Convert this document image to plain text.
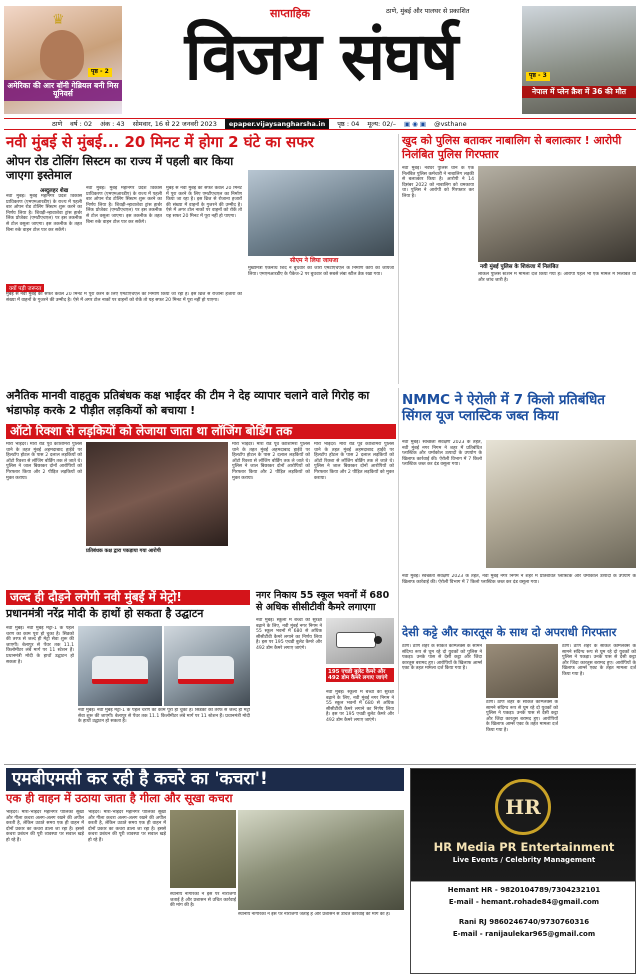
♛
अमेरिका की आर बॉनी गेब्रियल बनी मिस यूनिवर्स
पृष्ठ - 2
साप्ताहिक	ठाणे, मुंबई और पालघर से प्रकाशित
विजय संघर्ष	पृष्ठ - 3
नेपाल में प्लेन क्रैश में 36 की मौत
ठाणे वर्ष : 02 अंक : 43 सोमवार, 16 से 22 जनवरी 2023	epaper.vijaysangharsha.in	पृष्ठ : 04 मूल्य: 02/– ▣ ◉ ▣ @vsthane
नवी मुंबई से मुंबई... 20 मिनट में होगा 2 घंटे का सफर
ओपन रोड टोलिंग सिस्टम का राज्य में पहली बार किया जाएगा इस्तेमाल
अब्दुलहर शेख
नवी मुंबई। मुंबई महानगर प्रदेश विकास प्राधिकरण (एमएमआरडीए) के राज्य में पहली बार ओपन रोड टोलिंग सिस्टम शुरू करने का निर्णय लिया है। शिवड़ी-न्हावाशेवा ट्रांस हार्बर लिंक प्रोजेक्ट (एमटीएचएल) पर इस तकनीक से टोल वसूला जाएगा। इस तकनीक के तहत बिना रुके वाहन टोल पार कर सकेंगे।
नवी मुंबई। मुंबई महानगर प्रदेश विकास प्राधिकरण (एमएमआरडीए) के राज्य में पहली बार ओपन रोड टोलिंग सिस्टम शुरू करने का निर्णय लिया है। शिवड़ी-न्हावाशेवा ट्रांस हार्बर लिंक प्रोजेक्ट (एमटीएचएल) पर इस तकनीक से टोल वसूला जाएगा। इस तकनीक के तहत बिना रुके वाहन टोल पार कर सकेंगे।
मुंबई से नवी मुंबई का सफर केवल 20 मिनट में पूरा करने के लिए एमटीएचएल का निर्माण किया जा रहा है। इस ब्रिज से रोजाना हजारों की संख्या में वाहनों के गुजरने की उम्मीद है। ऐसे में अगर टोल नाकों पर वाहनों को रोकें तो यह सफर 20 मिनट में पूरा नहीं हो पाएगा।
क्यों पड़ी जरूरत
मुंबई से नवी मुंबई का सफर केवल 20 मिनट में पूरा करने के लिए एमटीएचएल का निर्माण किया जा रहा है। इस ब्रिज से रोजाना हजारों की संख्या में वाहनों के गुजरने की उम्मीद है। ऐसे में अगर टोल नाकों पर वाहनों को रोकें तो यह सफर 20 मिनट में पूरा नहीं हो पाएगा।
सीएम ने लिया जायजा
मुख्यमंत्री एकनाथ शिंदे ने बुधवार को जारी एमटीएचएल के निर्माण कार्य का जायजा लिया। एमएमआरडीए के पैकेज-2 पर बुधवार को सबसे लंबा स्टील डेक रखा गया।
खुद को पुलिस बताकर नाबालिग से बलात्कार ! आरोपी निलंबित पुलिस गिरफ्तार
नवी मुंबई। नवघर पुलिस थाने के एक निलंबित पुलिस कर्मचारी ने नाबालिग लड़की से बलात्कार किया है। आरोपी ने 14 दिसंबर 2022 को नाबालिग को धमकाया था। पुलिस ने आरोपी को गिरफ्तार कर लिया है।
नवी मुंबई पुलिस के शिकंजा में निलंबित
लोकल पुलिस स्टेशन में मामला दर्ज किया गया है। आरोपी पहले भी एक मामले में निलंबित था और जांच जारी है।
अनैतिक मानवी वाहतुक प्रतिबंधक कक्ष भाईंदर की टीम ने देह व्यापार चलाने वाले गिरोह का भंडाफोड़ करके 2 पीड़ीत लड़कियों को बचाया !
ऑटो रिक्शा से लड़कियों को लेजाया जाता था लॉजिंग बोर्डिंग तक
मीरा भाईंदर। मीरा रोड पूर्व काशिमिरा पुलिस थाने के तहत मुंबई अहमदाबाद हाईवे पर हिलटॉप होटल के पास 2 दलाल लड़कियों को ऑटो रिक्शा से लॉजिंग बोर्डिंग तक ले जाते थे। पुलिस ने जाल बिछाकर दोनों आरोपियों को गिरफ्तार किया और 2 पीड़ित लड़कियों को मुक्त कराया।
प्रतिबंधक कक्ष द्वारा पकड़ाया गया आरोपी
मीरा भाईंदर। मीरा रोड पूर्व काशिमिरा पुलिस थाने के तहत मुंबई अहमदाबाद हाईवे पर हिलटॉप होटल के पास 2 दलाल लड़कियों को ऑटो रिक्शा से लॉजिंग बोर्डिंग तक ले जाते थे। पुलिस ने जाल बिछाकर दोनों आरोपियों को गिरफ्तार किया और 2 पीड़ित लड़कियों को मुक्त कराया।
मीरा भाईंदर। मीरा रोड पूर्व काशिमिरा पुलिस थाने के तहत मुंबई अहमदाबाद हाईवे पर हिलटॉप होटल के पास 2 दलाल लड़कियों को ऑटो रिक्शा से लॉजिंग बोर्डिंग तक ले जाते थे। पुलिस ने जाल बिछाकर दोनों आरोपियों को गिरफ्तार किया और 2 पीड़ित लड़कियों को मुक्त कराया।
NMMC ने ऐरोली में 7 किलो प्रतिबंधित सिंगल यूज प्लास्टिक जब्त किया
नवी मुंबई। स्वच्छता सर्वेक्षण 2023 के तहत, नवी मुंबई नगर निगम ने शहर में प्रतिबंधित प्लास्टिक और थर्माकोल उत्पादों के उपयोग के खिलाफ कार्रवाई की। ऐरोली विभाग में 7 किलो प्लास्टिक जब्त कर दंड वसूला गया।
नवी मुंबई। स्वच्छता सर्वेक्षण 2023 के तहत, नवी मुंबई नगर निगम ने शहर में प्रतिबंधित प्लास्टिक और थर्माकोल उत्पादों के उपयोग के खिलाफ कार्रवाई की। ऐरोली विभाग में 7 किलो प्लास्टिक जब्त कर दंड वसूला गया।
जल्द ही दौड़ने लगेगी नवी मुंबई में मेट्रो!
प्रधानमंत्री नरेंद्र मोदी के हाथों हो सकता है उद्घाटन
नवी मुंबई। नवी मुंबई मेट्रो-1 के पहले चरण का काम पूरा हो चुका है। सिडको की तरफ से जल्द ही मेट्रो सेवा शुरू की जाएगी। बेलापुर से पेंधर तक 11.1 किलोमीटर लंबे मार्ग पर 11 स्टेशन हैं। प्रधानमंत्री मोदी के हाथों उद्घाटन हो सकता है।
नवी मुंबई। नवी मुंबई मेट्रो-1 के पहले चरण का काम पूरा हो चुका है। सिडको की तरफ से जल्द ही मेट्रो सेवा शुरू की जाएगी। बेलापुर से पेंधर तक 11.1 किलोमीटर लंबे मार्ग पर 11 स्टेशन हैं। प्रधानमंत्री मोदी के हाथों उद्घाटन हो सकता है।
नगर निकाय 55 स्कूल भवनों में 680 से अधिक सीसीटीवी कैमरे लगाएगा
नवी मुंबई। स्कूलों में बच्चों की सुरक्षा बढ़ाने के लिए, नवी मुंबई नगर निगम ने 55 स्कूल भवनों में 680 से अधिक सीसीटीवी कैमरे लगाने का निर्णय लिया है। इस पर 195 एचडी बुलेट कैमरे और 492 डोम कैमरे लगाए जाएंगे।
195 एचडी बुलेट कैमरे और 492 डोम कैमरे लगाए जाएंगे
नवी मुंबई। स्कूलों में बच्चों की सुरक्षा बढ़ाने के लिए, नवी मुंबई नगर निगम ने 55 स्कूल भवनों में 680 से अधिक सीसीटीवी कैमरे लगाने का निर्णय लिया है। इस पर 195 एचडी बुलेट कैमरे और 492 डोम कैमरे लगाए जाएंगे।
देसी कट्टे और कारतूस के साथ दो अपराधी गिरफ्तार
ठाणे। ठाणे शहर के साकेत कॉम्प्लेक्स के सामने संदिग्ध रूप से घूम रहे दो युवकों को पुलिस ने पकड़ा। उनके पास से देसी कट्टा और जिंदा कारतूस बरामद हुए। आरोपियों के खिलाफ आर्म्स एक्ट के तहत मामला दर्ज किया गया है।
ठाणे। ठाणे शहर के साकेत कॉम्प्लेक्स के सामने संदिग्ध रूप से घूम रहे दो युवकों को पुलिस ने पकड़ा। उनके पास से देसी कट्टा और जिंदा कारतूस बरामद हुए। आरोपियों के खिलाफ आर्म्स एक्ट के तहत मामला दर्ज किया गया है।
ठाणे। ठाणे शहर के साकेत कॉम्प्लेक्स के सामने संदिग्ध रूप से घूम रहे दो युवकों को पुलिस ने पकड़ा। उनके पास से देसी कट्टा और जिंदा कारतूस बरामद हुए। आरोपियों के खिलाफ आर्म्स एक्ट के तहत मामला दर्ज किया गया है।
एमबीएमसी कर रही है कचरे का 'कचरा'!
एक ही वाहन में उठाया जाता है गीला और सूखा कचरा
भाईंदर। मीरा-भाईंदर महानगर पालिका सूखा और गीला कचरा अलग-अलग रखने की अपील करती है, लेकिन उठाते समय एक ही वाहन में दोनों प्रकार का कचरा डाला जा रहा है। इससे कचरा प्रबंधन की पूरी व्यवस्था पर सवाल खड़े हो रहे हैं।
भाईंदर। मीरा-भाईंदर महानगर पालिका सूखा और गीला कचरा अलग-अलग रखने की अपील करती है, लेकिन उठाते समय एक ही वाहन में दोनों प्रकार का कचरा डाला जा रहा है। इससे कचरा प्रबंधन की पूरी व्यवस्था पर सवाल खड़े हो रहे हैं।
स्थानीय नागरिकों ने इस पर नाराजगी जताई है और प्रशासन से उचित कार्रवाई की मांग की है।
स्थानीय नागरिकों ने इस पर नाराजगी जताई है और प्रशासन से उचित कार्रवाई की मांग की है।
HR
HR Media PR Entertainment
Live Events / Celebrity Management
Hemant HR - 9820104789/7304232101
E-mail - hemant.rohade84@gmail.com
Rani RJ 9860246740/9730760316
E-mail - ranijaulekar965@gmail.com
